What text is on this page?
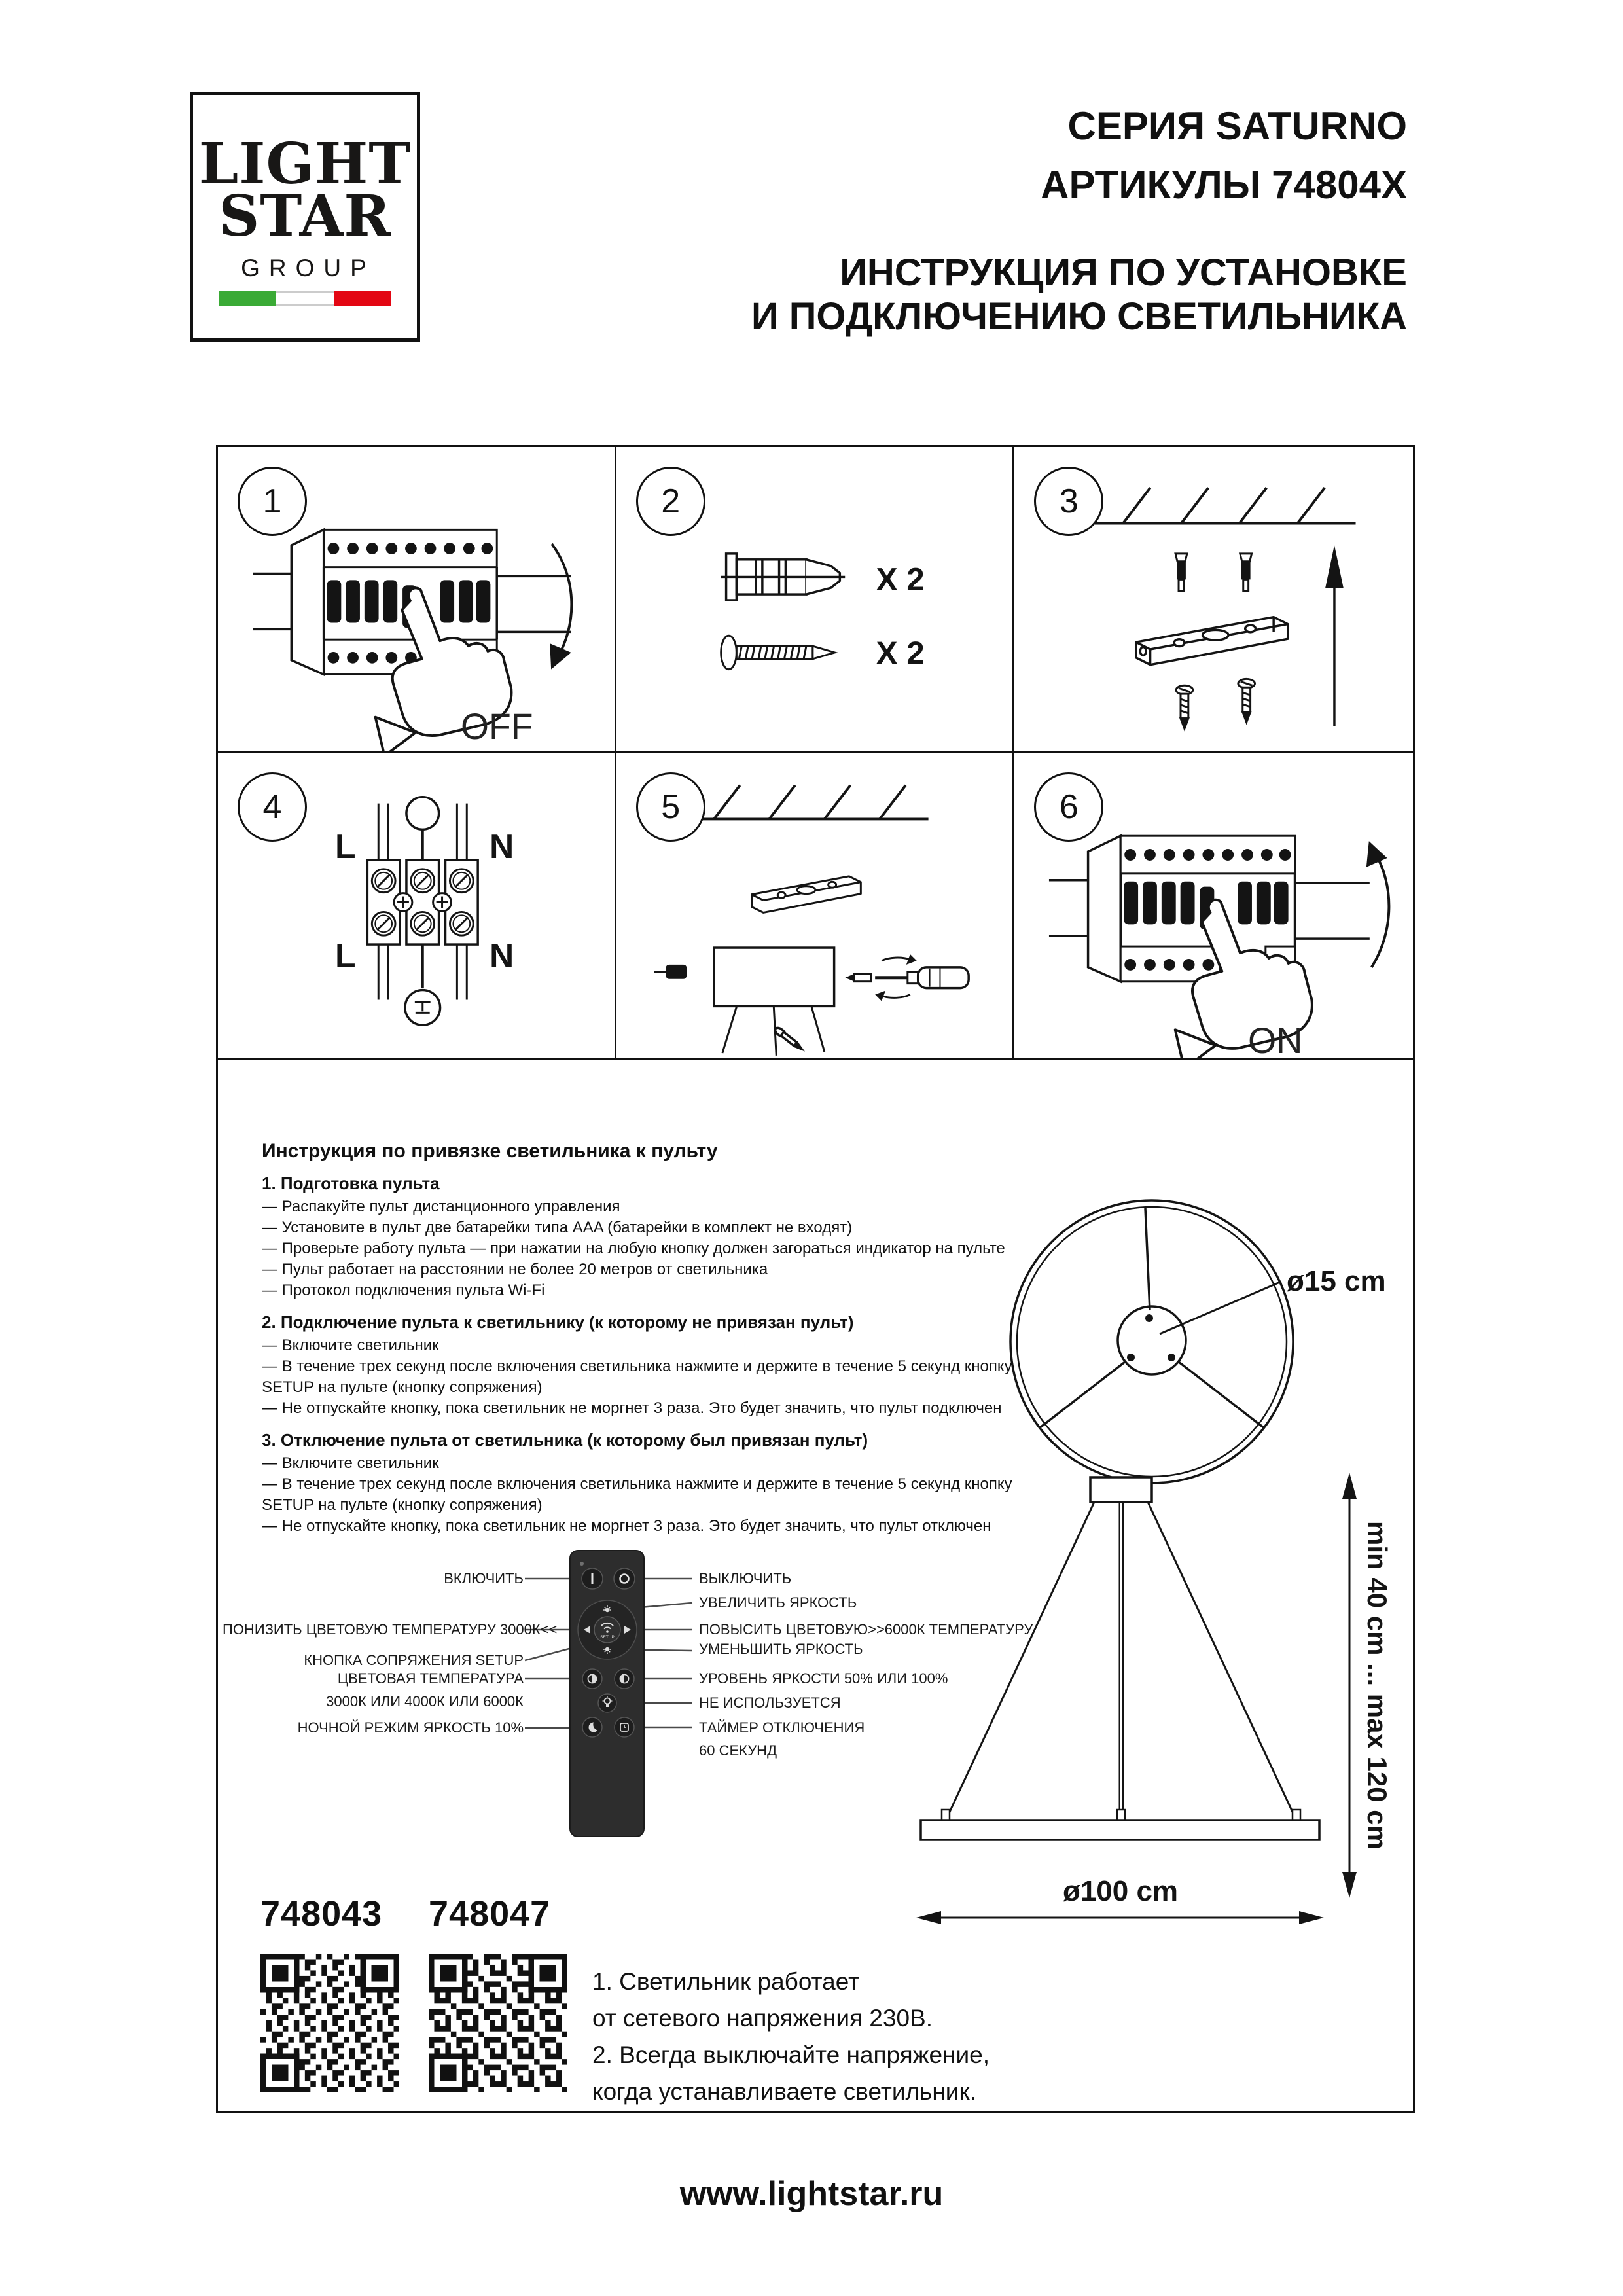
LIGHT
STAR
GROUP
СЕРИЯ SATURNO
АРТИКУЛЫ 74804X
ИНСТРУКЦИЯ ПО УСТАНОВКЕ
И ПОДКЛЮЧЕНИЮ СВЕТИЛЬНИКА
1
OFF
2
X 2
X 2
3
4
L	N
L	N
5	6
ON
Инструкция по привязке светильника к пульту
1. Подготовка пульта
— Распакуйте пульт дистанционного управления
— Установите в пульт две батарейки типа AAA (батарейки в комплект не входят)
— Проверьте работу пульта — при нажатии на любую кнопку должен загораться индикатор на пульте
— Пульт работает на расстоянии не более 20 метров от светильника
— Протокол подключения пульта Wi-Fi
2. Подключение пульта к светильнику (к которому не привязан пульт)
— Включите светильник
— В течение трех секунд после включения светильника нажмите и держите в течение 5 секунд кнопку SETUP на пульте (кнопку сопряжения)
— Не отпускайте кнопку, пока светильник не моргнет 3 раза. Это будет значить, что пульт подключен
3. Отключение пульта от светильника (к которому был привязан пульт)
— Включите светильник
— В течение трех секунд после включения светильника нажмите и держите в течение 5 секунд кнопку SETUP на пульте (кнопку сопряжения)
— Не отпускайте кнопку, пока светильник не моргнет 3 раза. Это будет значить, что пульт отключен
ø15 cm
SETUP
ВКЛЮЧИТЬ
ПОНИЗИТЬ ЦВЕТОВУЮ ТЕМПЕРАТУРУ 3000К<<
КНОПКА СОПРЯЖЕНИЯ SETUP
ЦВЕТОВАЯ ТЕМПЕРАТУРА
3000К ИЛИ 4000К ИЛИ 6000К
НОЧНОЙ РЕЖИМ ЯРКОСТЬ 10%
ВЫКЛЮЧИТЬ
УВЕЛИЧИТЬ ЯРКОСТЬ
ПОВЫСИТЬ ЦВЕТОВУЮ>>6000К ТЕМПЕРАТУРУ
УМЕНЬШИТЬ ЯРКОСТЬ
УРОВЕНЬ ЯРКОСТИ 50% ИЛИ 100%
НЕ ИСПОЛЬЗУЕТСЯ
ТАЙМЕР ОТКЛЮЧЕНИЯ
60 СЕКУНД	min 40 cm ... max 120 cm
ø100 cm
748043 748047
1. Светильник работает
от сетевого напряжения 230В.
2. Всегда выключайте напряжение,
когда устанавливаете светильник.
www.lightstar.ru
